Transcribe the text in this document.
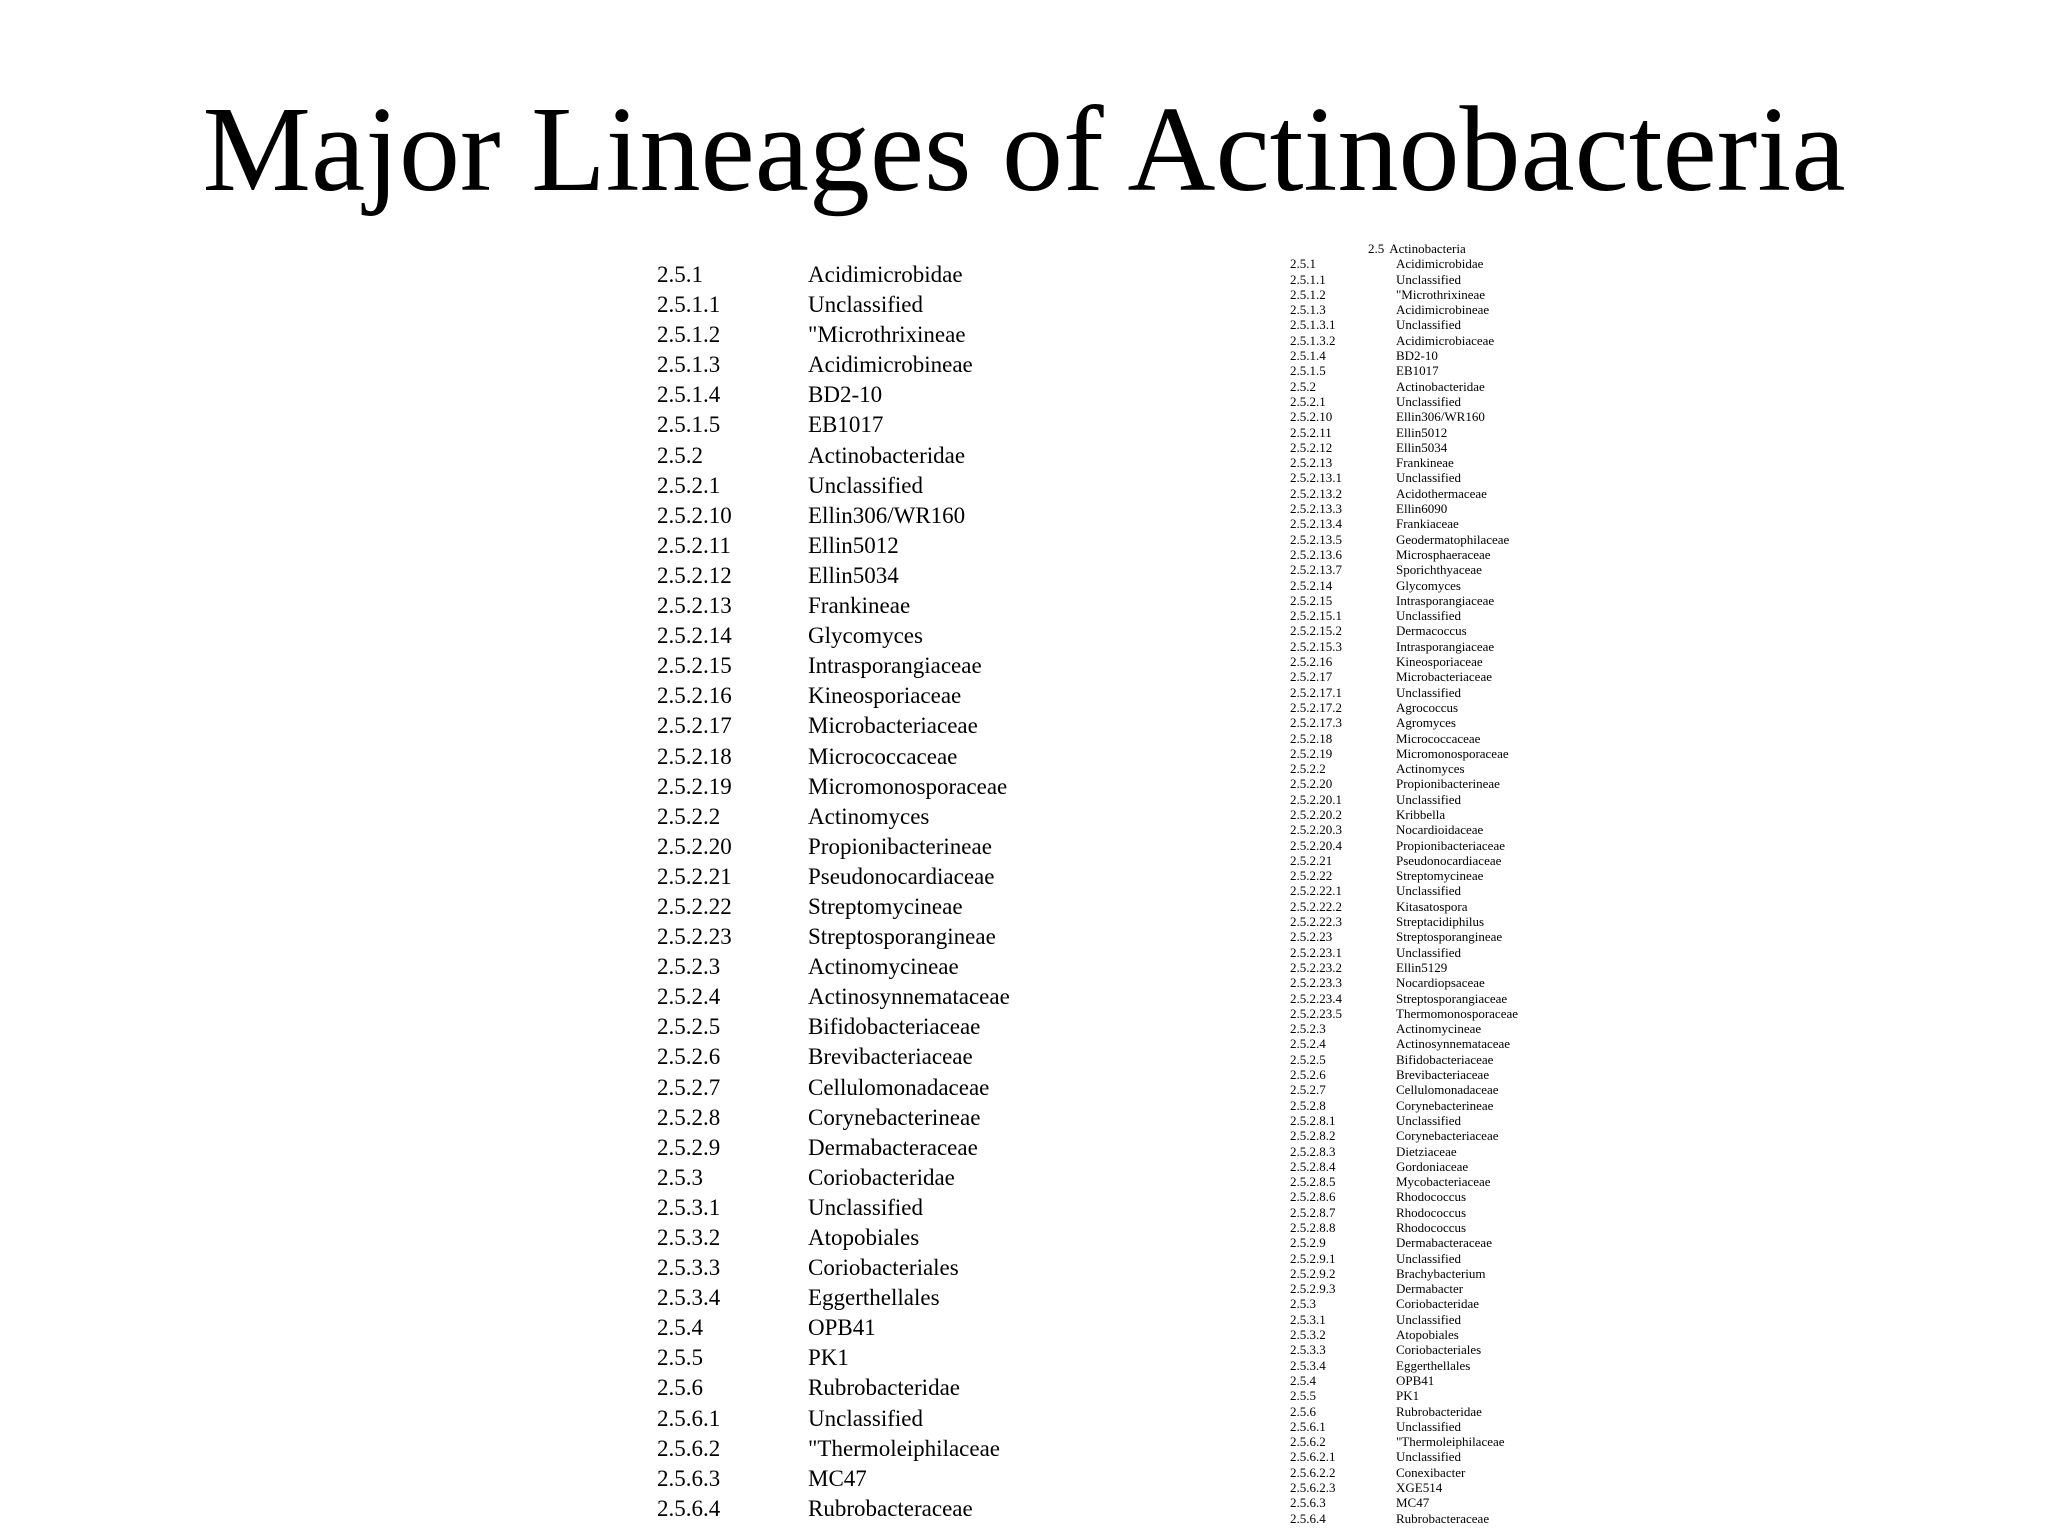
Major Lineages of Actinobacteria
2.5.1	Acidimicrobidae
2.5.1.1	Unclassified
2.5.1.2	"Microthrixineae
2.5.1.3	Acidimicrobineae
2.5.1.4	BD2-10
2.5.1.5	EB1017
2.5.2	Actinobacteridae
2.5.2.1	Unclassified
2.5.2.10	Ellin306/WR160
2.5.2.11	Ellin5012
2.5.2.12	Ellin5034
2.5.2.13	Frankineae
2.5.2.14	Glycomyces
2.5.2.15	Intrasporangiaceae
2.5.2.16	Kineosporiaceae
2.5.2.17	Microbacteriaceae
2.5.2.18	Micrococcaceae
2.5.2.19	Micromonosporaceae
2.5.2.2	Actinomyces
2.5.2.20	Propionibacterineae
2.5.2.21	Pseudonocardiaceae
2.5.2.22	Streptomycineae
2.5.2.23	Streptosporangineae
2.5.2.3	Actinomycineae
2.5.2.4	Actinosynnemataceae
2.5.2.5	Bifidobacteriaceae
2.5.2.6	Brevibacteriaceae
2.5.2.7	Cellulomonadaceae
2.5.2.8	Corynebacterineae
2.5.2.9	Dermabacteraceae
2.5.3	Coriobacteridae
2.5.3.1	Unclassified
2.5.3.2	Atopobiales
2.5.3.3	Coriobacteriales
2.5.3.4	Eggerthellales
2.5.4	OPB41
2.5.5	PK1
2.5.6	Rubrobacteridae
2.5.6.1	Unclassified
2.5.6.2	"Thermoleiphilaceae
2.5.6.3	MC47
2.5.6.4	Rubrobacteraceae
2.5 Actinobacteria
2.5.1	Acidimicrobidae
2.5.1.1	Unclassified
2.5.1.2	"Microthrixineae
2.5.1.3	Acidimicrobineae
2.5.1.3.1	Unclassified
2.5.1.3.2	Acidimicrobiaceae
2.5.1.4	BD2-10
2.5.1.5	EB1017
2.5.2	Actinobacteridae
2.5.2.1	Unclassified
2.5.2.10	Ellin306/WR160
2.5.2.11	Ellin5012
2.5.2.12	Ellin5034
2.5.2.13	Frankineae
2.5.2.13.1	Unclassified
2.5.2.13.2	Acidothermaceae
2.5.2.13.3	Ellin6090
2.5.2.13.4	Frankiaceae
2.5.2.13.5	Geodermatophilaceae
2.5.2.13.6	Microsphaeraceae
2.5.2.13.7	Sporichthyaceae
2.5.2.14	Glycomyces
2.5.2.15	Intrasporangiaceae
2.5.2.15.1	Unclassified
2.5.2.15.2	Dermacoccus
2.5.2.15.3	Intrasporangiaceae
2.5.2.16	Kineosporiaceae
2.5.2.17	Microbacteriaceae
2.5.2.17.1	Unclassified
2.5.2.17.2	Agrococcus
2.5.2.17.3	Agromyces
2.5.2.18	Micrococcaceae
2.5.2.19	Micromonosporaceae
2.5.2.2	Actinomyces
2.5.2.20	Propionibacterineae
2.5.2.20.1	Unclassified
2.5.2.20.2	Kribbella
2.5.2.20.3	Nocardioidaceae
2.5.2.20.4	Propionibacteriaceae
2.5.2.21	Pseudonocardiaceae
2.5.2.22	Streptomycineae
2.5.2.22.1	Unclassified
2.5.2.22.2	Kitasatospora
2.5.2.22.3	Streptacidiphilus
2.5.2.23	Streptosporangineae
2.5.2.23.1	Unclassified
2.5.2.23.2	Ellin5129
2.5.2.23.3	Nocardiopsaceae
2.5.2.23.4	Streptosporangiaceae
2.5.2.23.5	Thermomonosporaceae
2.5.2.3	Actinomycineae
2.5.2.4	Actinosynnemataceae
2.5.2.5	Bifidobacteriaceae
2.5.2.6	Brevibacteriaceae
2.5.2.7	Cellulomonadaceae
2.5.2.8	Corynebacterineae
2.5.2.8.1	Unclassified
2.5.2.8.2	Corynebacteriaceae
2.5.2.8.3	Dietziaceae
2.5.2.8.4	Gordoniaceae
2.5.2.8.5	Mycobacteriaceae
2.5.2.8.6	Rhodococcus
2.5.2.8.7	Rhodococcus
2.5.2.8.8	Rhodococcus
2.5.2.9	Dermabacteraceae
2.5.2.9.1	Unclassified
2.5.2.9.2	Brachybacterium
2.5.2.9.3	Dermabacter
2.5.3	Coriobacteridae
2.5.3.1	Unclassified
2.5.3.2	Atopobiales
2.5.3.3	Coriobacteriales
2.5.3.4	Eggerthellales
2.5.4	OPB41
2.5.5	PK1
2.5.6	Rubrobacteridae
2.5.6.1	Unclassified
2.5.6.2	"Thermoleiphilaceae
2.5.6.2.1	Unclassified
2.5.6.2.2	Conexibacter
2.5.6.2.3	XGE514
2.5.6.3	MC47
2.5.6.4	Rubrobacteraceae
